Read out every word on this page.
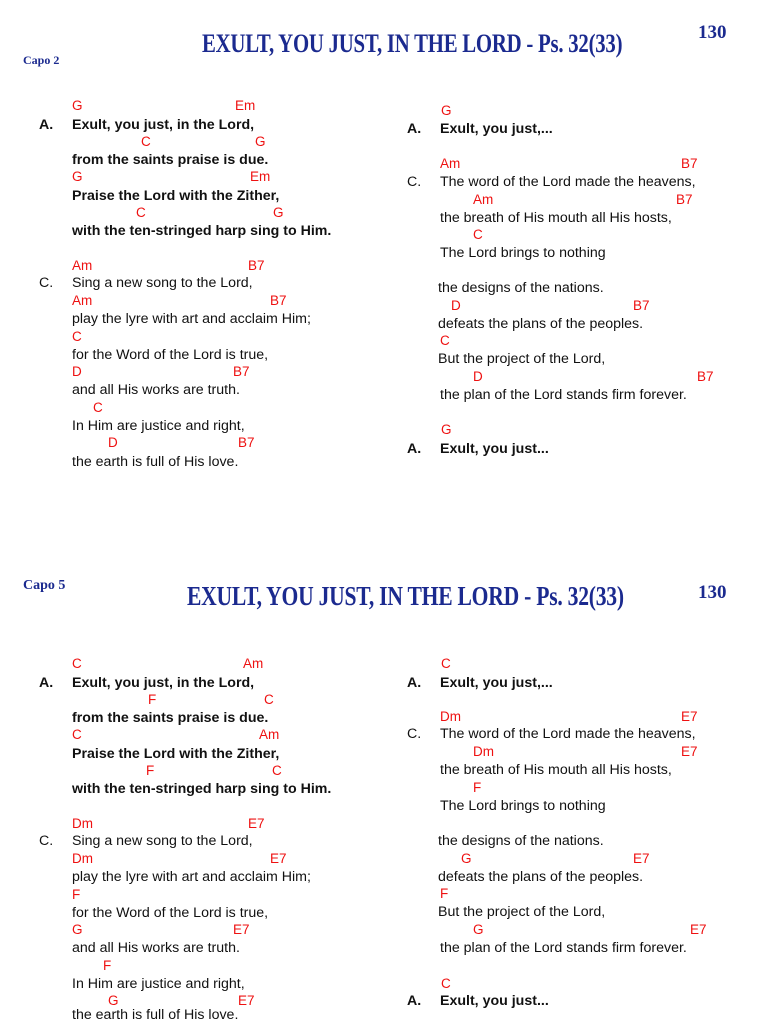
Capo 2
EXULT, YOU JUST, IN THE LORD - Ps. 32(33)	130
A.
G	Em
Exult, you just, in the Lord,
C	G
from the saints praise is due.
G	Em
Praise the Lord with the Zither,
C	G
with the ten-stringed harp sing to Him.
C.
Am	B7
Sing a new song to the Lord,
Am	B7
play the lyre with art and acclaim Him;
C
for the Word of the Lord is true,
D	B7
and all His works are truth.
C
In Him are justice and right,
D	B7
the earth is full of His love.
G
A. Exult, you just,...
C.
Am	B7
The word of the Lord made the heavens,
Am	B7
the breath of His mouth all His hosts,
C
The Lord brings to nothing
the designs of the nations.
D	B7
defeats the plans of the peoples.
C
But the project of the Lord,
D	B7
the plan of the Lord stands firm forever.
G
A. Exult, you just...
Capo 5	EXULT, YOU JUST, IN THE LORD - Ps. 32(33)	130
A.
C	Am
Exult, you just, in the Lord,
F	C
from the saints praise is due.
C	Am
Praise the Lord with the Zither,
F	C
with the ten-stringed harp sing to Him.
C.
Dm	E7
Sing a new song to the Lord,
Dm	E7
play the lyre with art and acclaim Him;
F
for the Word of the Lord is true,
G	E7
and all His works are truth.
F
In Him are justice and right,
G	E7
the earth is full of His love.
C
A. Exult, you just,...
C.
Dm	E7
The word of the Lord made the heavens,
Dm	E7
the breath of His mouth all His hosts,
F
The Lord brings to nothing
the designs of the nations.
G	E7
defeats the plans of the peoples.
F
But the project of the Lord,
G	E7
the plan of the Lord stands firm forever.
C
A. Exult, you just...
